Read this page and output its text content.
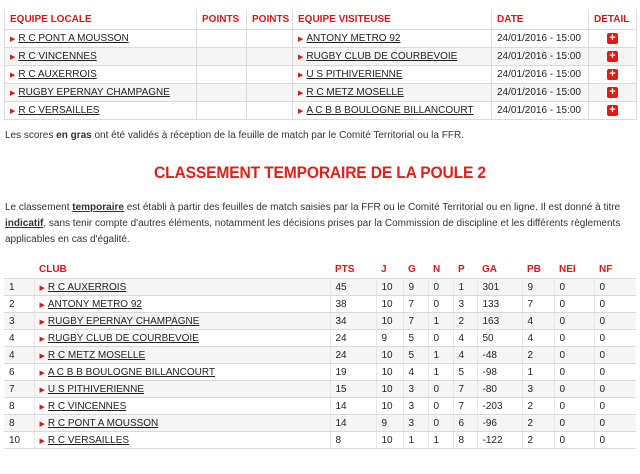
EQUIPE LOCALE	POINTS	POINTS	EQUIPE VISITEUSE	DATE	DETAIL
▶ R C PONT A MOUSSON			▶ ANTONY METRO 92	24/01/2016 - 15:00	+
▶ R C VINCENNES			▶ RUGBY CLUB DE COURBEVOIE	24/01/2016 - 15:00	+
▶ R C AUXERROIS			▶ U S PITHIVERIENNE	24/01/2016 - 15:00	+
▶ RUGBY EPERNAY CHAMPAGNE			▶ R C METZ MOSELLE	24/01/2016 - 15:00	+
▶ R C VERSAILLES			▶ A C B B BOULOGNE BILLANCOURT	24/01/2016 - 15:00	+
Les scores en gras ont été validés à réception de la feuille de match par le Comité Territorial ou la FFR.
CLASSEMENT TEMPORAIRE DE LA POULE 2
Le classement temporaire est établi à partir des feuilles de match saisies par la FFR ou le Comité Territorial ou en ligne. Il est donné à titre indicatif, sans tenir compte d'autres éléments, notamment les décisions prises par la Commission de discipline et les différents règlements applicables en cas d'égalité.
	CLUB	PTS	J	G	N	P	GA	PB	NEI	NF
1	▶ R C AUXERROIS	45	10	9	0	1	301	9	0	0
2	▶ ANTONY METRO 92	38	10	7	0	3	133	7	0	0
3	▶ RUGBY EPERNAY CHAMPAGNE	34	10	7	1	2	163	4	0	0
4	▶ RUGBY CLUB DE COURBEVOIE	24	9	5	0	4	50	4	0	0
4	▶ R C METZ MOSELLE	24	10	5	1	4	-48	2	0	0
6	▶ A C B B BOULOGNE BILLANCOURT	19	10	4	1	5	-98	1	0	0
7	▶ U S PITHIVERIENNE	15	10	3	0	7	-80	3	0	0
8	▶ R C VINCENNES	14	10	3	0	7	-203	2	0	0
8	▶ R C PONT A MOUSSON	14	9	3	0	6	-96	2	0	0
10	▶ R C VERSAILLES	8	10	1	1	8	-122	2	0	0
